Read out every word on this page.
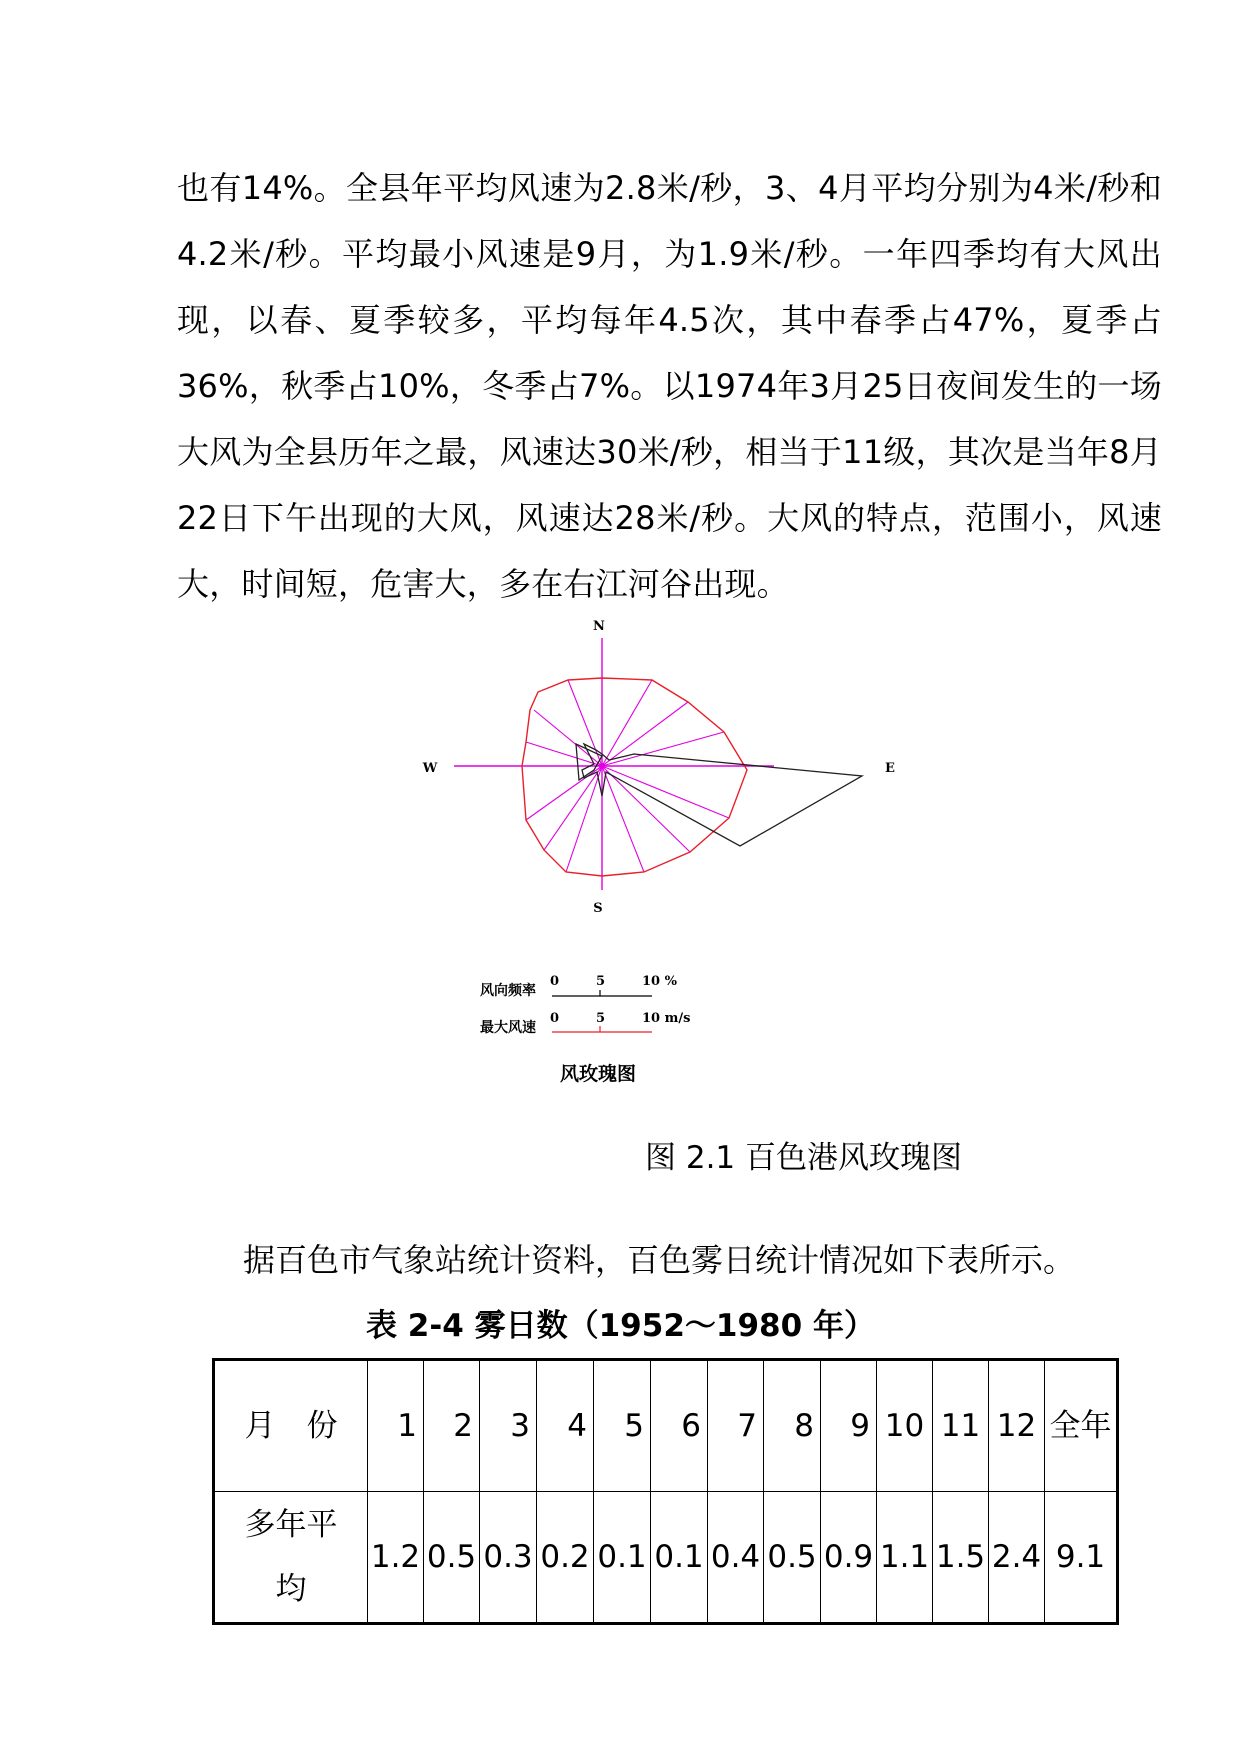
也有14%。全县年平均风速为2.8米/秒，3、4月平均分别为4米/秒和4.2米/秒。平均最小风速是9月，为1.9米/秒。一年四季均有大风出现，以春、夏季较多，平均每年4.5次，其中春季占47%，夏季占36%，秋季占10%，冬季占7%。以1974年3月25日夜间发生的一场大风为全县历年之最，风速达30米/秒，相当于11级，其次是当年8月22日下午出现的大风，风速达28米/秒。大风的特点，范围小，风速大，时间短，危害大，多在右江河谷出现。

N
S
W	E
风向频率
0	5	10 %
最大风速
0	5	10 m/s
风玫瑰图

图 2.1 百色港风玫瑰图

据百色市气象站统计资料，百色雾日统计情况如下表所示。

表 2-4 雾日数（1952～1980 年）

月　份	1	2	3	4	5	6	7	8	9	10	11	12	全年
多年平均	1.2	0.5	0.3	0.2	0.1	0.1	0.4	0.5	0.9	1.1	1.5	2.4	9.1
